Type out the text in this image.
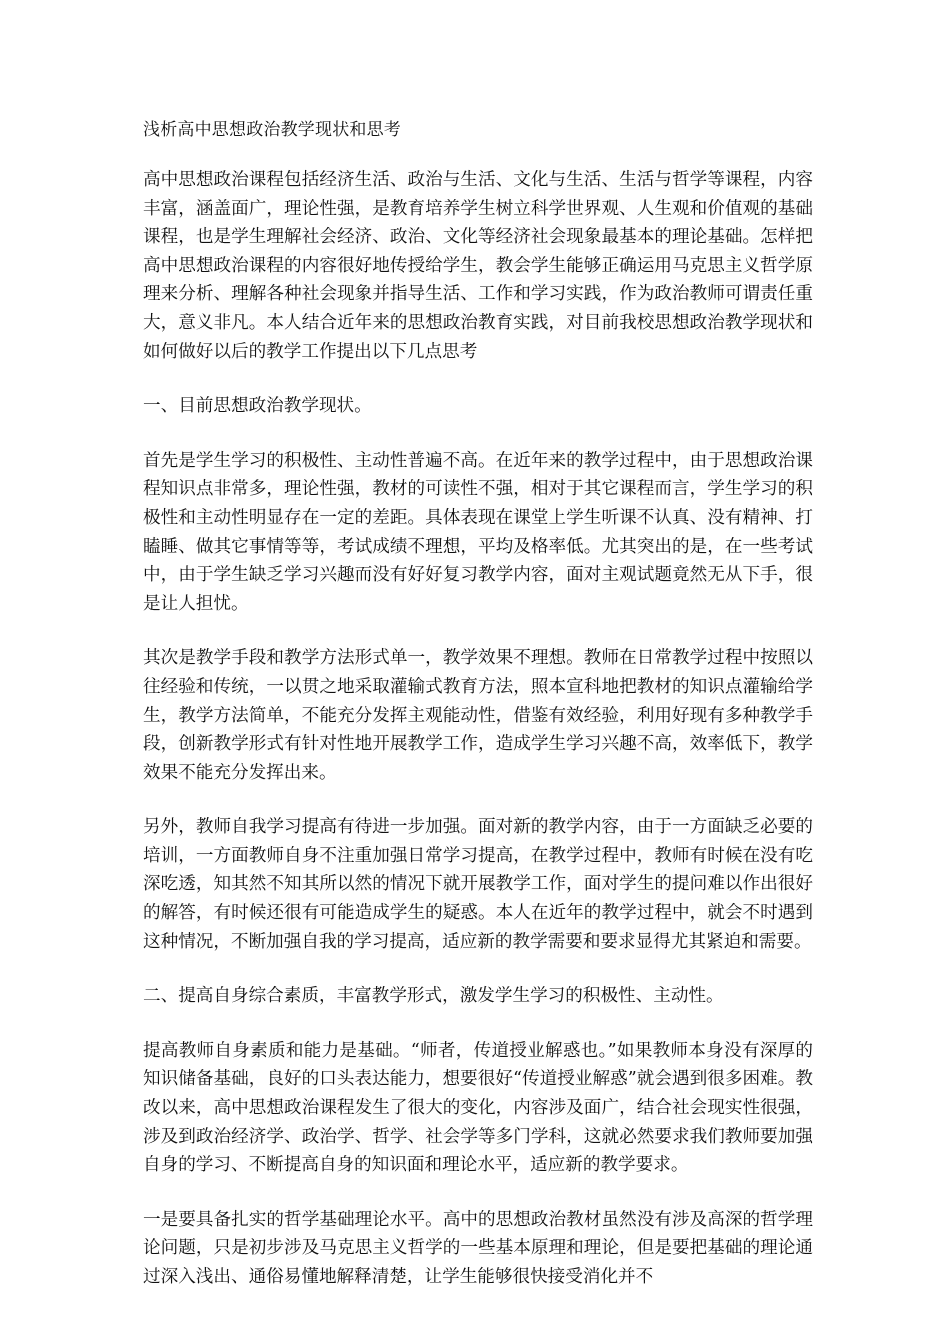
浅析高中思想政治教学现状和思考
高中思想政治课程包括经济生活、政治与生活、文化与生活、生活与哲学等课程，内容丰富，涵盖面广，理论性强，是教育培养学生树立科学世界观、人生观和价值观的基础课程，也是学生理解社会经济、政治、文化等经济社会现象最基本的理论基础。怎样把高中思想政治课程的内容很好地传授给学生，教会学生能够正确运用马克思主义哲学原理来分析、理解各种社会现象并指导生活、工作和学习实践，作为政治教师可谓责任重大，意义非凡。本人结合近年来的思想政治教育实践，对目前我校思想政治教学现状和如何做好以后的教学工作提出以下几点思考
一、目前思想政治教学现状。
首先是学生学习的积极性、主动性普遍不高。在近年来的教学过程中，由于思想政治课程知识点非常多，理论性强，教材的可读性不强，相对于其它课程而言，学生学习的积极性和主动性明显存在一定的差距。具体表现在课堂上学生听课不认真、没有精神、打瞌睡、做其它事情等等，考试成绩不理想，平均及格率低。尤其突出的是，在一些考试中，由于学生缺乏学习兴趣而没有好好复习教学内容，面对主观试题竟然无从下手，很是让人担忧。
其次是教学手段和教学方法形式单一，教学效果不理想。教师在日常教学过程中按照以往经验和传统，一以贯之地采取灌输式教育方法，照本宣科地把教材的知识点灌输给学生，教学方法简单，不能充分发挥主观能动性，借鉴有效经验，利用好现有多种教学手段，创新教学形式有针对性地开展教学工作，造成学生学习兴趣不高，效率低下，教学效果不能充分发挥出来。
另外，教师自我学习提高有待进一步加强。面对新的教学内容，由于一方面缺乏必要的培训，一方面教师自身不注重加强日常学习提高，在教学过程中，教师有时候在没有吃深吃透，知其然不知其所以然的情况下就开展教学工作，面对学生的提问难以作出很好的解答，有时候还很有可能造成学生的疑惑。本人在近年的教学过程中，就会不时遇到这种情况，不断加强自我的学习提高，适应新的教学需要和要求显得尤其紧迫和需要。
二、提高自身综合素质，丰富教学形式，激发学生学习的积极性、主动性。
提高教师自身素质和能力是基础。“师者，传道授业解惑也。”如果教师本身没有深厚的知识储备基础，良好的口头表达能力，想要很好“传道授业解惑”就会遇到很多困难。教改以来，高中思想政治课程发生了很大的变化，内容涉及面广，结合社会现实性很强，涉及到政治经济学、政治学、哲学、社会学等多门学科，这就必然要求我们教师要加强自身的学习、不断提高自身的知识面和理论水平，适应新的教学要求。
一是要具备扎实的哲学基础理论水平。高中的思想政治教材虽然没有涉及高深的哲学理论问题，只是初步涉及马克思主义哲学的一些基本原理和理论，但是要把基础的理论通过深入浅出、通俗易懂地解释清楚，让学生能够很快接受消化并不
